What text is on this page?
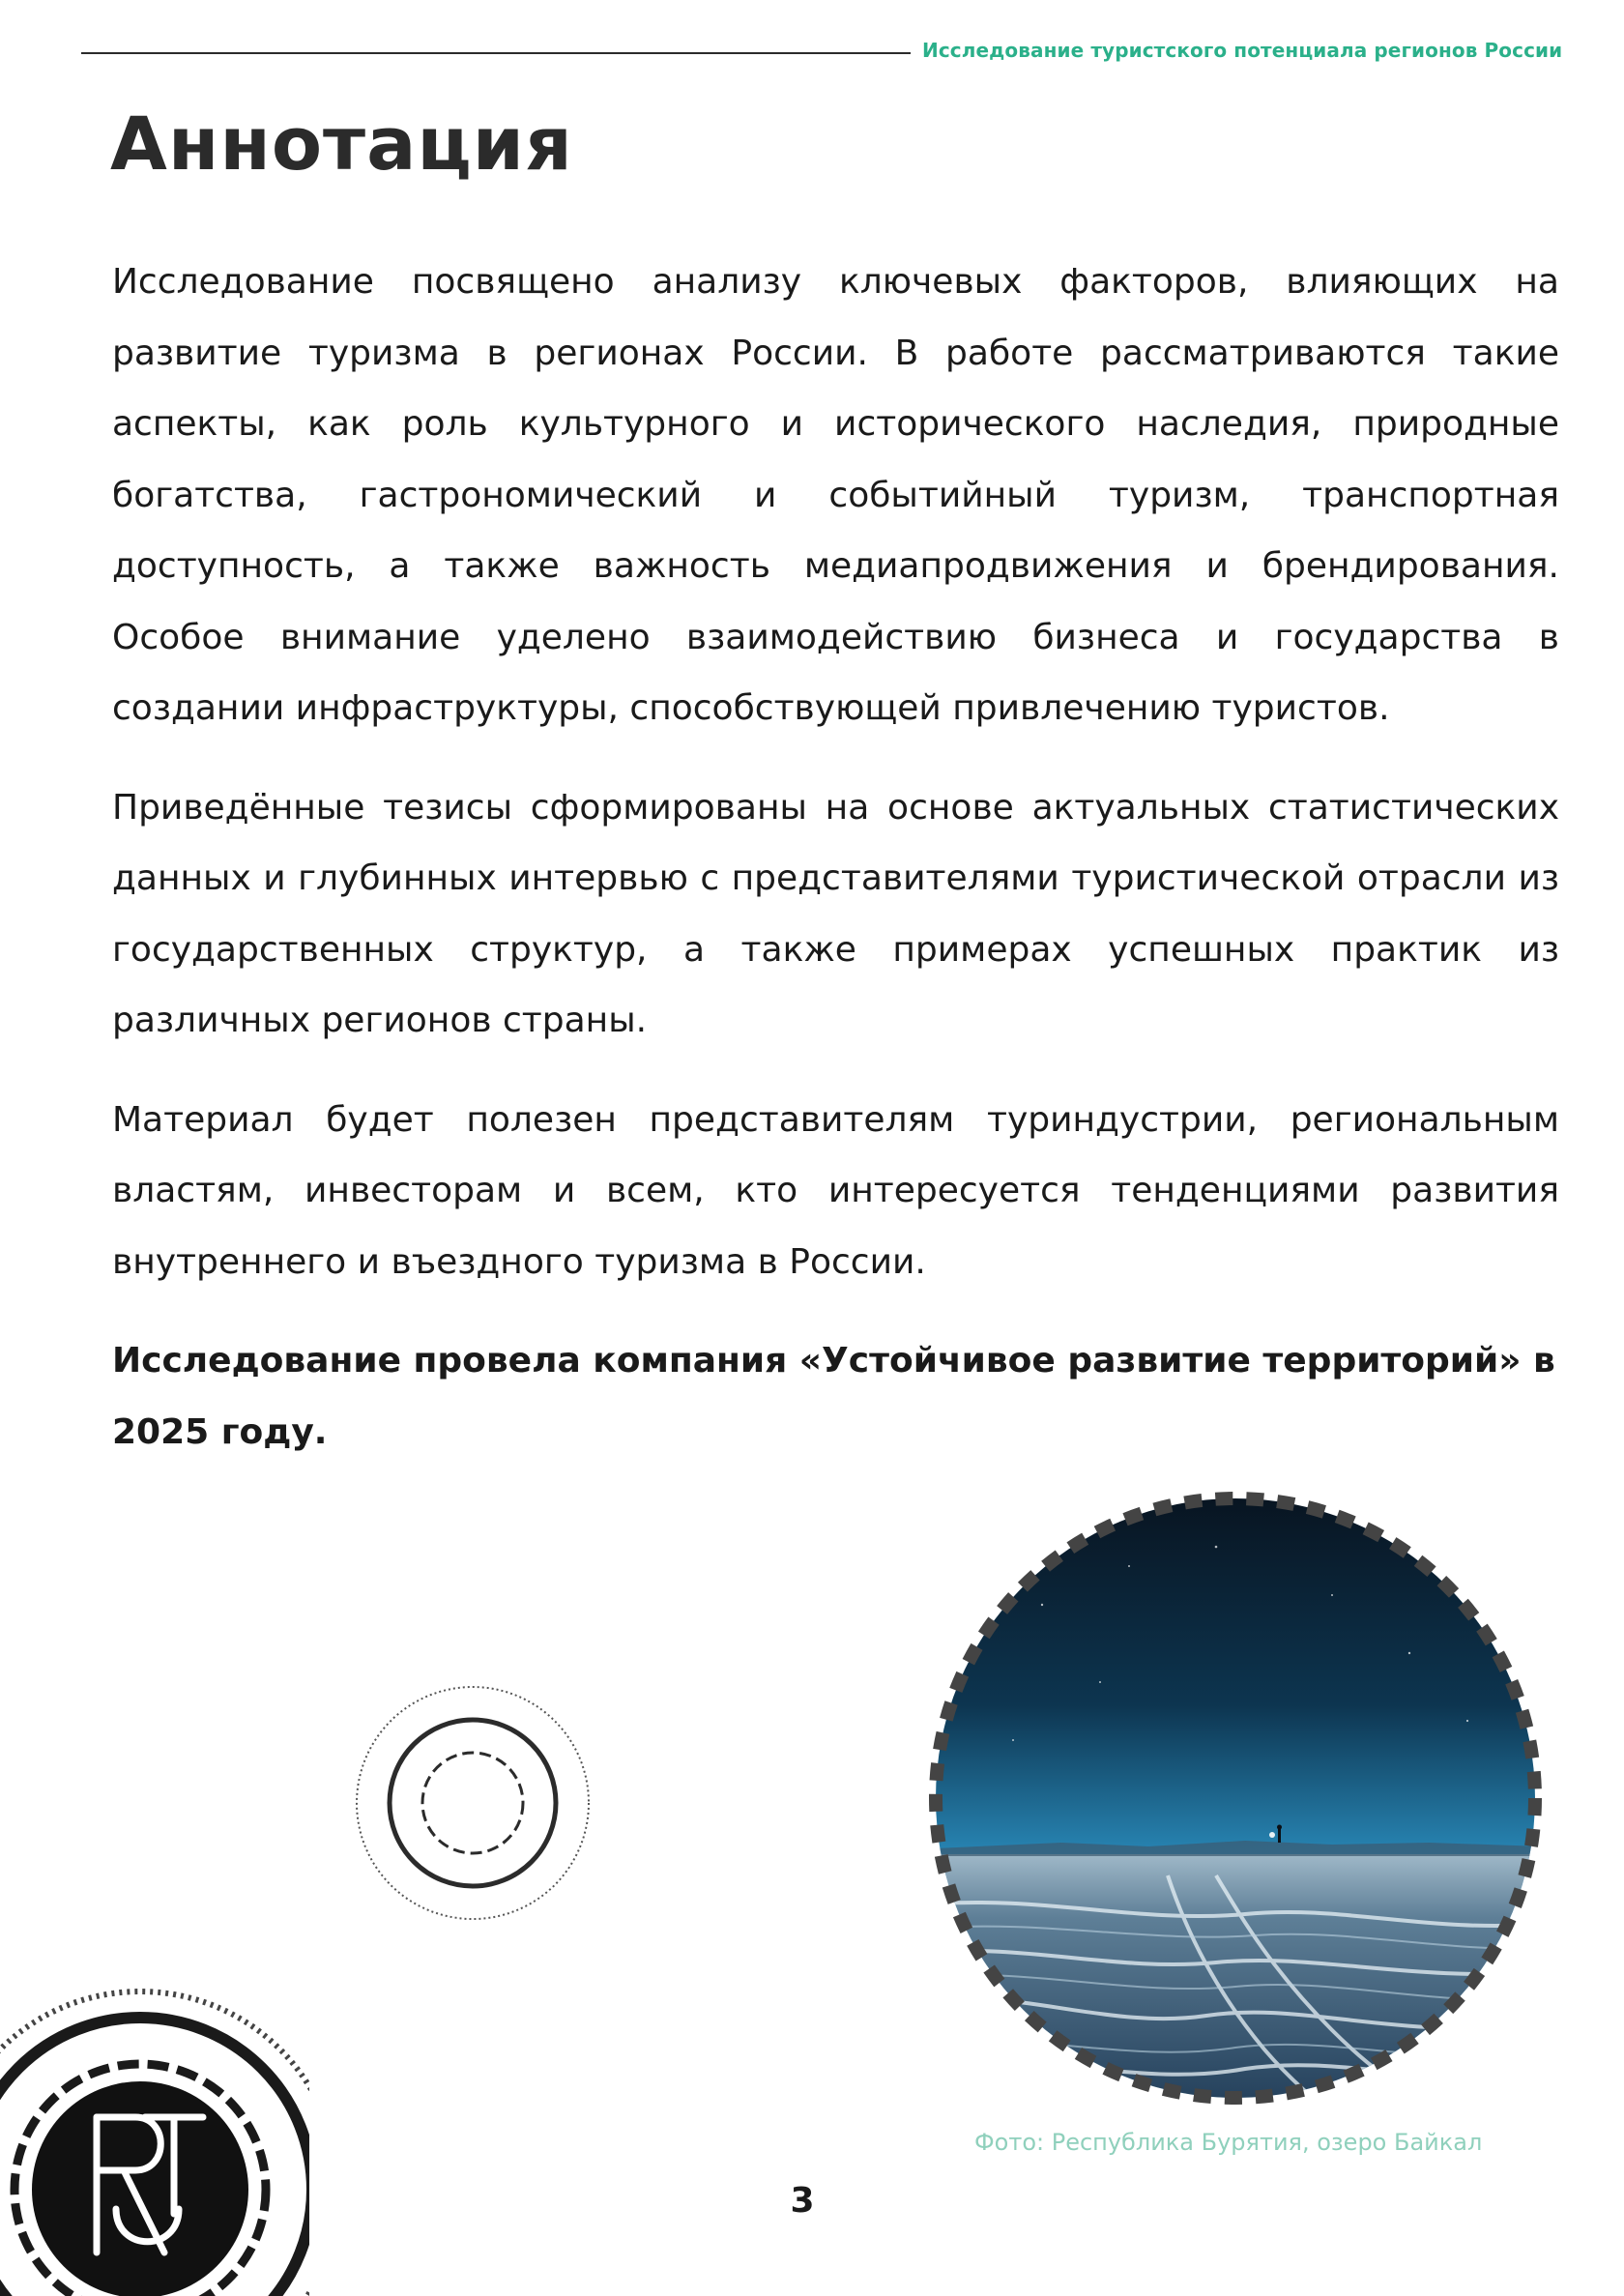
Исследование туристского потенциала регионов России
Аннотация

Исследование посвящено анализу ключевых факторов, влияющих на развитие туризма в регионах России. В работе рассматриваются такие аспекты, как роль культурного и исторического наследия, природные богатства, гастрономический и событийный туризм, транспортная доступность, а также важность медиапродвижения и брендирования. Особое внимание уделено взаимодействию бизнеса и государства в создании инфраструктуры, способствующей привлечению туристов.

Приведённые тезисы сформированы на основе актуальных статистических данных и глубинных интервью с представителями туристической отрасли из государственных структур, а также примерах успешных практик из различных регионов страны.

Материал будет полезен представителям туриндустрии, региональным властям, инвесторам и всем, кто интересуется тенденциями развития внутреннего и въездного туризма в России.

Исследование провела компания «Устойчивое развитие территорий» в 2025 году.

Фото: Республика Бурятия, озеро Байкал
3
